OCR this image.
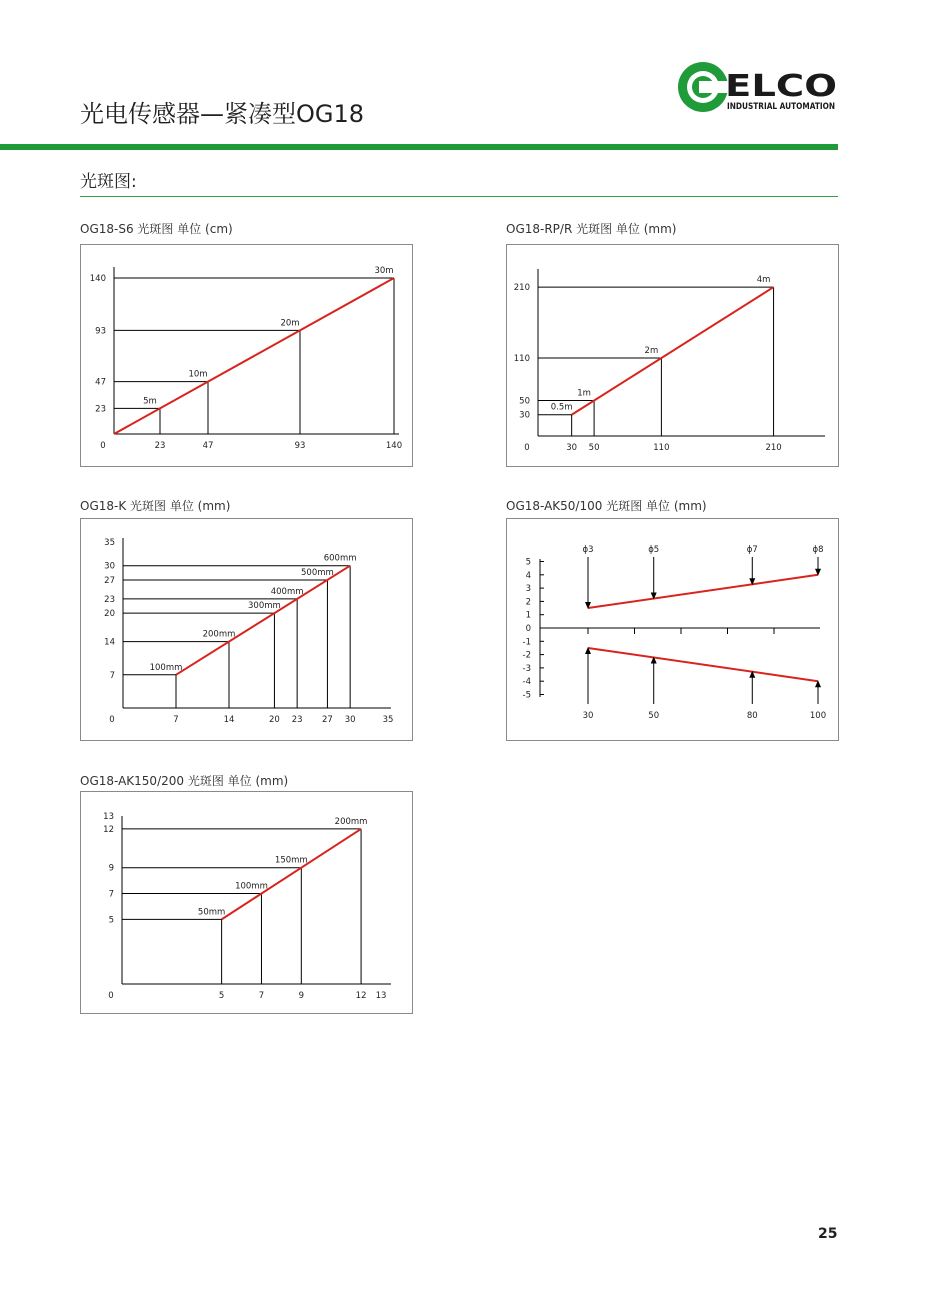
光电传感器—紧凑型OG18
ELCO
INDUSTRIAL AUTOMATION
光斑图:
OG18-S6 光斑图 单位 (cm)
5m
10m
20m
30m
0	23	47	93	140
23
47
93
140
OG18-RP/R 光斑图 单位 (mm)
0.5m
1m
2m
4m
0	30 50	110	210
30
50
110
210
OG18-K 光斑图 单位 (mm)
100mm
200mm
300mm
400mm
500mm
600mm
0	7	14	20 23 27 30	35
7
14
20
23
27
30
35
OG18-AK50/100 光斑图 单位 (mm)
5
4
3
2
1
0
-1
-2
-3
-4
-5
ϕ3	ϕ5	ϕ7	ϕ8
30	50	80	100
OG18-AK150/200 光斑图 单位 (mm)
50mm
100mm
150mm
200mm
0	5	7	9	12 13
5
7
9
12
13
25
